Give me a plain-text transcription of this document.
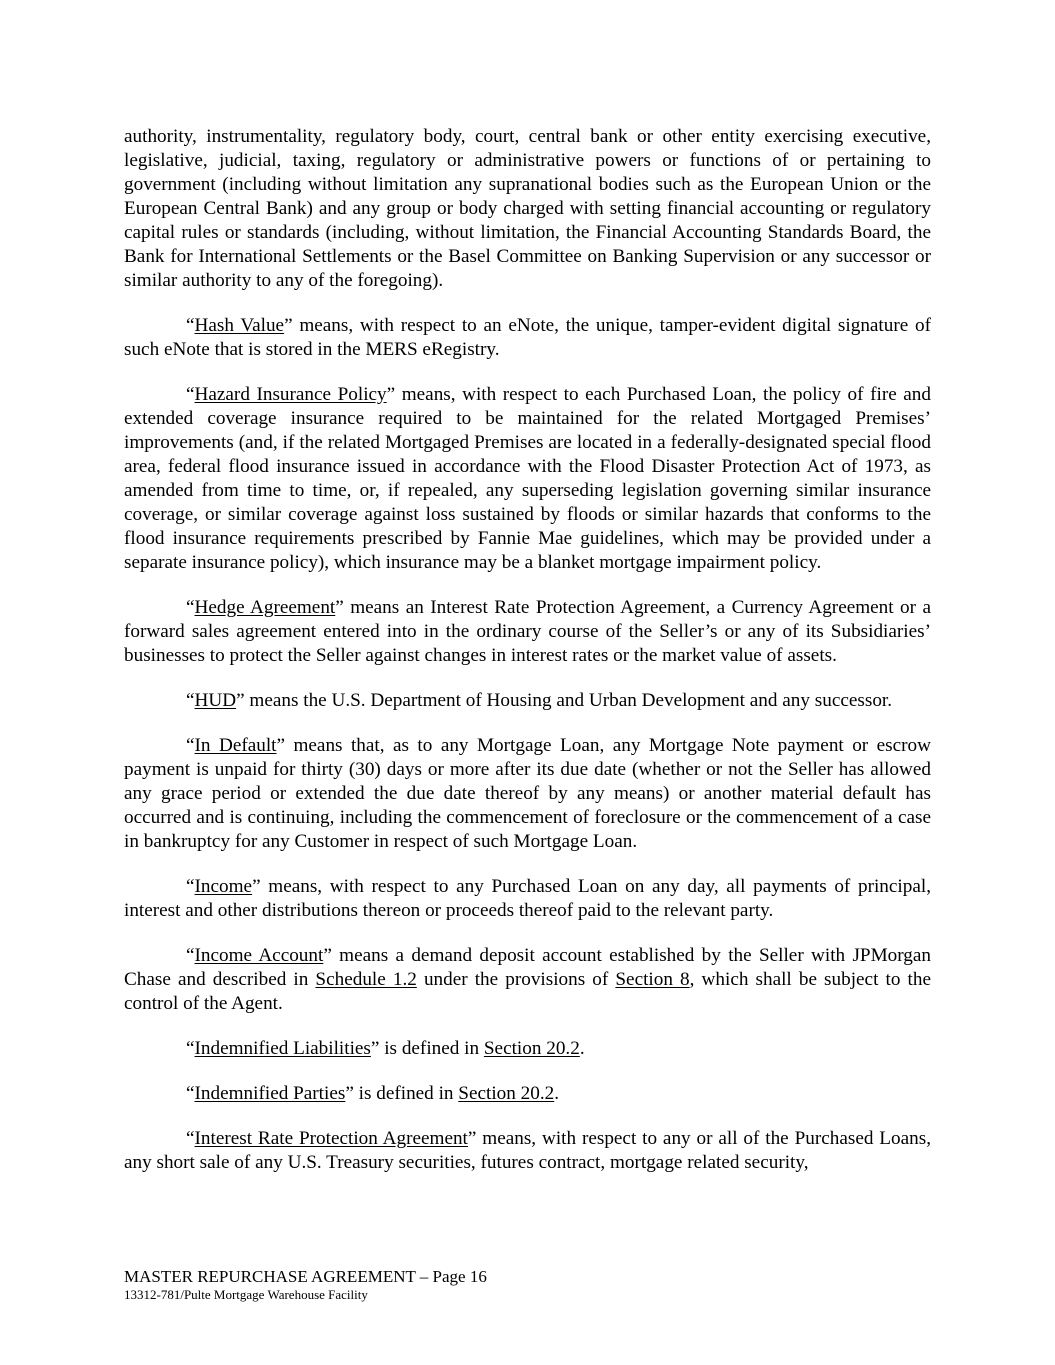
authority, instrumentality, regulatory body, court, central bank or other entity exercising executive, legislative, judicial, taxing, regulatory or administrative powers or functions of or pertaining to government (including without limitation any supranational bodies such as the European Union or the European Central Bank) and any group or body charged with setting financial accounting or regulatory capital rules or standards (including, without limitation, the Financial Accounting Standards Board, the Bank for International Settlements or the Basel Committee on Banking Supervision or any successor or similar authority to any of the foregoing).

“Hash Value” means, with respect to an eNote, the unique, tamper-evident digital signature of such eNote that is stored in the MERS eRegistry.

“Hazard Insurance Policy” means, with respect to each Purchased Loan, the policy of fire and extended coverage insurance required to be maintained for the related Mortgaged Premises’ improvements (and, if the related Mortgaged Premises are located in a federally-designated special flood area, federal flood insurance issued in accordance with the Flood Disaster Protection Act of 1973, as amended from time to time, or, if repealed, any superseding legislation governing similar insurance coverage, or similar coverage against loss sustained by floods or similar hazards that conforms to the flood insurance requirements prescribed by Fannie Mae guidelines, which may be provided under a separate insurance policy), which insurance may be a blanket mortgage impairment policy.

“Hedge Agreement” means an Interest Rate Protection Agreement, a Currency Agreement or a forward sales agreement entered into in the ordinary course of the Seller’s or any of its Subsidiaries’ businesses to protect the Seller against changes in interest rates or the market value of assets.

“HUD” means the U.S. Department of Housing and Urban Development and any successor.

“In Default” means that, as to any Mortgage Loan, any Mortgage Note payment or escrow payment is unpaid for thirty (30) days or more after its due date (whether or not the Seller has allowed any grace period or extended the due date thereof by any means) or another material default has occurred and is continuing, including the commencement of foreclosure or the commencement of a case in bankruptcy for any Customer in respect of such Mortgage Loan.

“Income” means, with respect to any Purchased Loan on any day, all payments of principal, interest and other distributions thereon or proceeds thereof paid to the relevant party.

“Income Account” means a demand deposit account established by the Seller with JPMorgan Chase and described in Schedule 1.2 under the provisions of Section 8, which shall be subject to the control of the Agent.

“Indemnified Liabilities” is defined in Section 20.2.

“Indemnified Parties” is defined in Section 20.2.

“Interest Rate Protection Agreement” means, with respect to any or all of the Purchased Loans, any short sale of any U.S. Treasury securities, futures contract, mortgage related security,

MASTER REPURCHASE AGREEMENT – Page 16
13312-781/Pulte Mortgage Warehouse Facility
